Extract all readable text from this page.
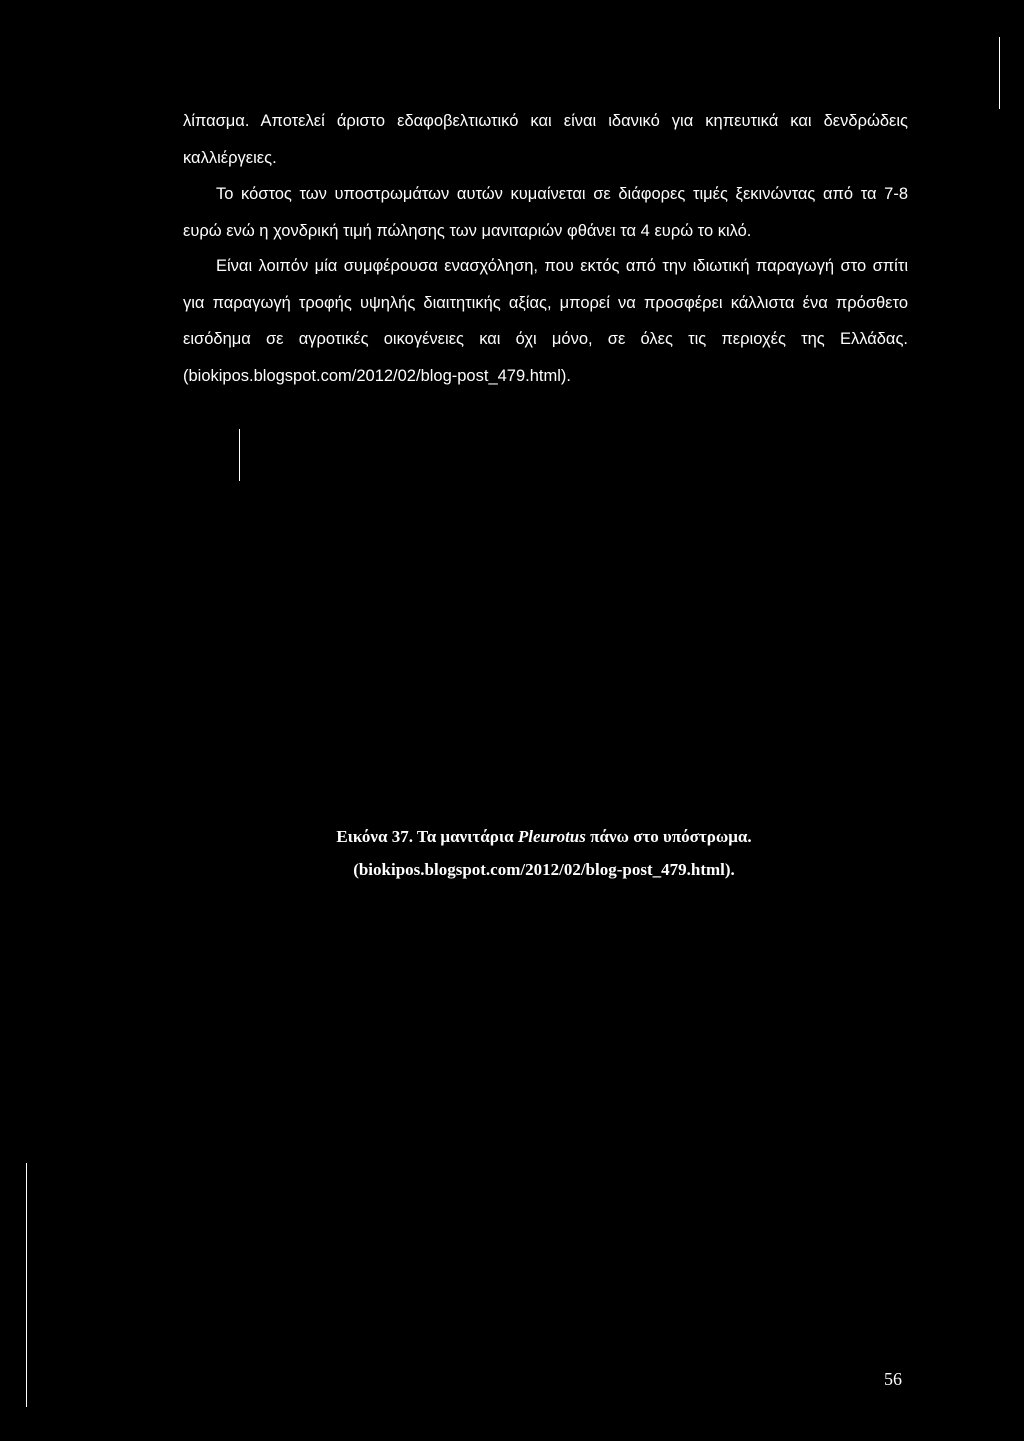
λίπασμα. Αποτελεί άριστο εδαφοβελτιωτικό και είναι ιδανικό για κηπευτικά και δενδρώδεις καλλιέργειες.

Το κόστος των υποστρωμάτων αυτών κυμαίνεται σε διάφορες τιμές ξεκινώντας από τα 7-8 ευρώ ενώ η χονδρική τιμή πώλησης των μανιταριών φθάνει τα 4 ευρώ το κιλό.

Είναι λοιπόν μία συμφέρουσα ενασχόληση, που εκτός από την ιδιωτική παραγωγή στο σπίτι για παραγωγή τροφής υψηλής διαιτητικής αξίας, μπορεί να προσφέρει κάλλιστα ένα πρόσθετο εισόδημα σε αγροτικές οικογένειες και όχι μόνο, σε όλες τις περιοχές της Ελλάδας. (biokipos.blogspot.com/2012/02/blog-post_479.html).

Εικόνα 37. Τα μανιτάρια Pleurotus πάνω στο υπόστρωμα.

(biokipos.blogspot.com/2012/02/blog-post_479.html).

56
